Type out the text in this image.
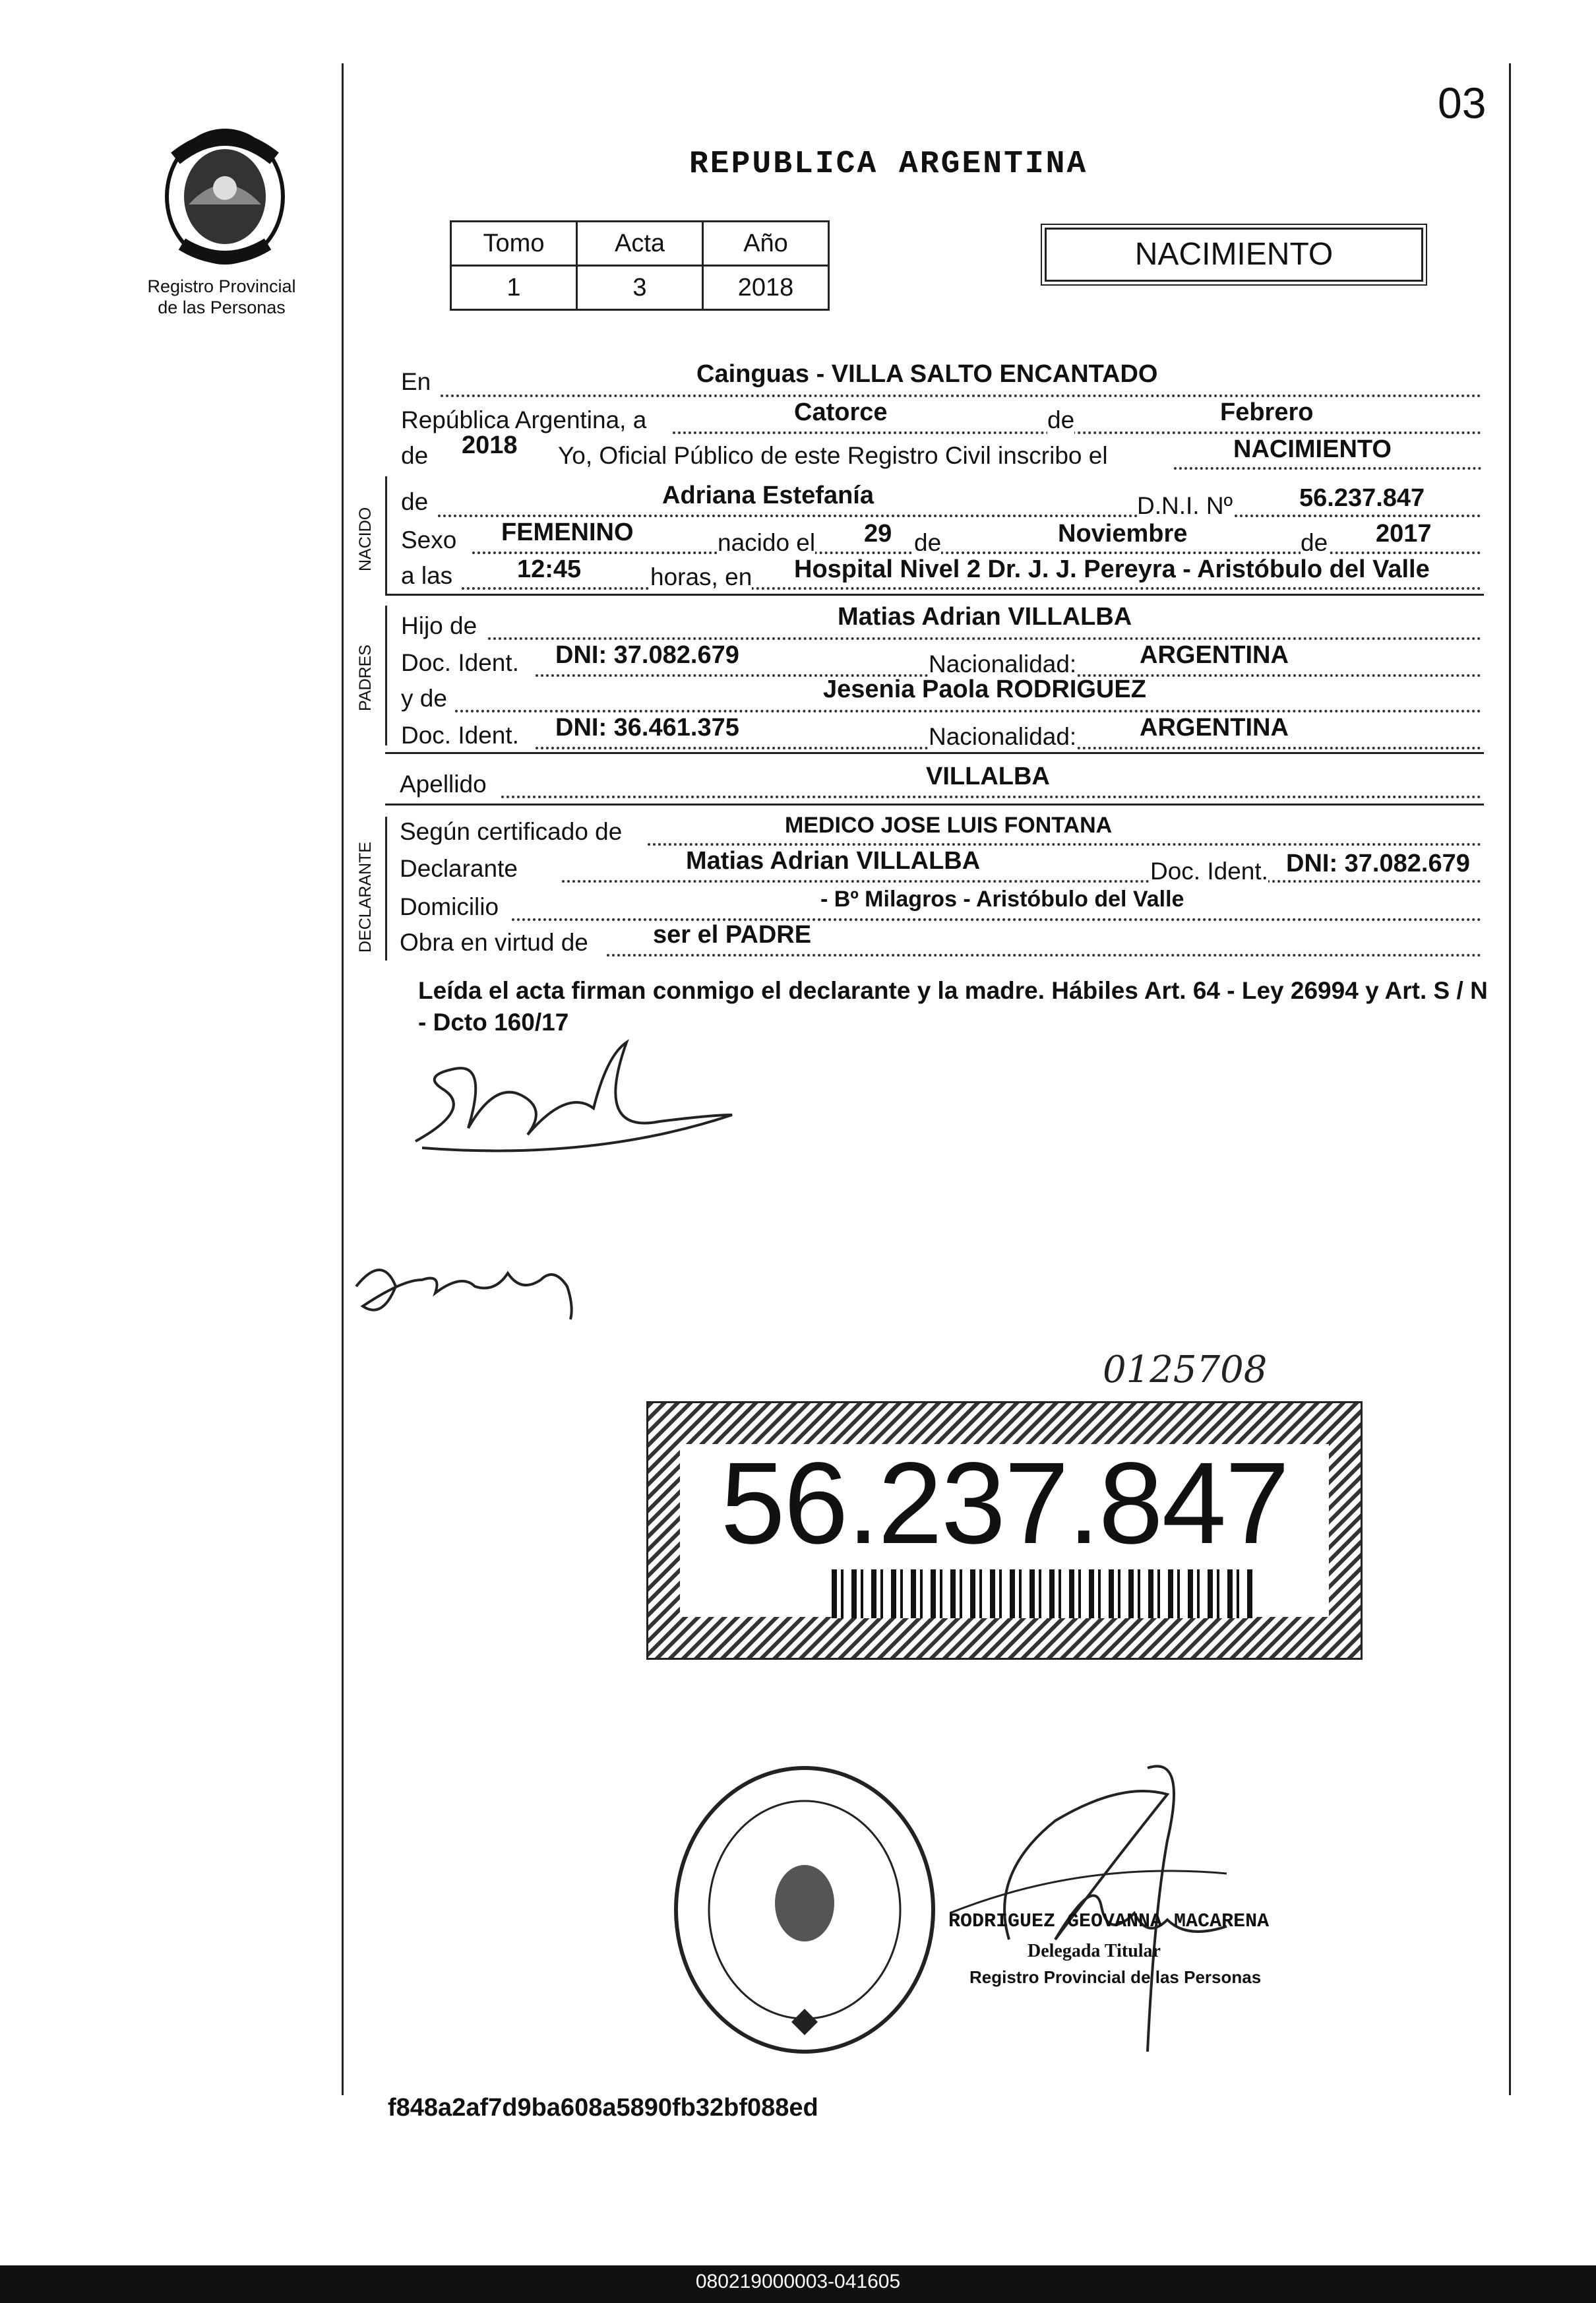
03
Registro Provincial
de las Personas
REPUBLICA ARGENTINA
Tomo	Acta	Año
1	3	2018
NACIMIENTO
En	Cainguas - VILLA SALTO ENCANTADO
República Argentina, a	Catorce	de	Febrero
de 2018 Yo, Oficial Público de este Registro Civil inscribo el	NACIMIENTO
NACIDO
de	Adriana Estefanía	D.N.I. Nº	56.237.847
Sexo FEMENINO	nacido el 29 de	Noviembre	de 2017
a las	12:45	horas, en Hospital Nivel 2 Dr. J. J. Pereyra - Aristóbulo del Valle
PADRES
Hijo de	Matias Adrian VILLALBA
Doc. Ident. DNI: 37.082.679	Nacionalidad:	ARGENTINA
y de	Jesenia Paola RODRIGUEZ
Doc. Ident. DNI: 36.461.375	Nacionalidad:	ARGENTINA
Apellido	VILLALBA
DECLARANTE
Según certificado de	MEDICO JOSE LUIS FONTANA
Declarante	Matias Adrian VILLALBA	Doc. Ident. DNI: 37.082.679
Domicilio	- Bº Milagros - Aristóbulo del Valle
Obra en virtud de	ser el PADRE
Leída el acta firman conmigo el declarante y la madre. Hábiles Art. 64 - Ley 26994 y Art. S / N - Dcto 160/17
0125708
56.237.847
RODRIGUEZ GEOVANNA MACARENA
Delegada Titular
Registro Provincial de las Personas
f848a2af7d9ba608a5890fb32bf088ed
080219000003-041605
